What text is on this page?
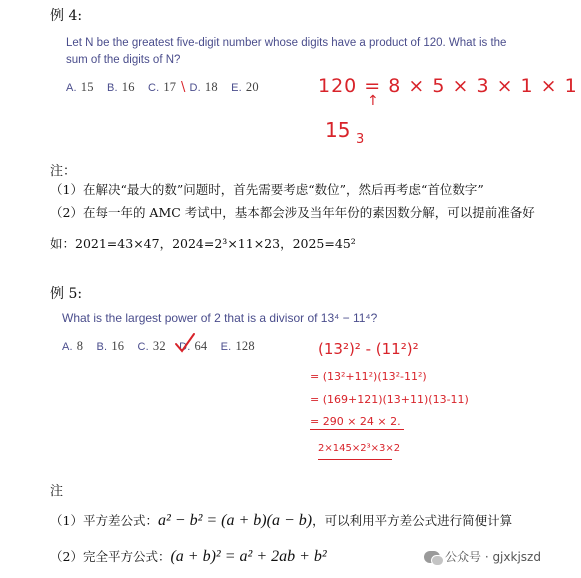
例 4:
Let N be the greatest five-digit number whose digits have a product of 120. What is the
sum of the digits of N?
A. 15 B. 16 C. 17 D. 18 E. 20
\	120 = 8 × 5 × 3 × 1 × 1
↑
15 3
注：
（1）在解决“最大的数”问题时，首先需要考虑“数位”，然后再考虑“首位数字”
（2）在每一年的 AMC 考试中，基本都会涉及当年年份的素因数分解，可以提前准备好
如：2021=43×47，2024=2³×11×23，2025=45²
例 5:
What is the largest power of 2 that is a divisor of 13⁴ − 11⁴?
A. 8 B. 16 C. 32 D. 64 E. 128	(13²)² - (11²)²
= (13²+11²)(13²-11²)
= (169+121)(13+11)(13-11)
= 290 × 24 × 2.
2×145×2³×3×2
注
（1）平方差公式：a² − b² = (a + b)(a − b)，可以利用平方差公式进行简便计算
（2）完全平方公式：(a + b)² = a² + 2ab + b²	公众号 · gjxkjszd
